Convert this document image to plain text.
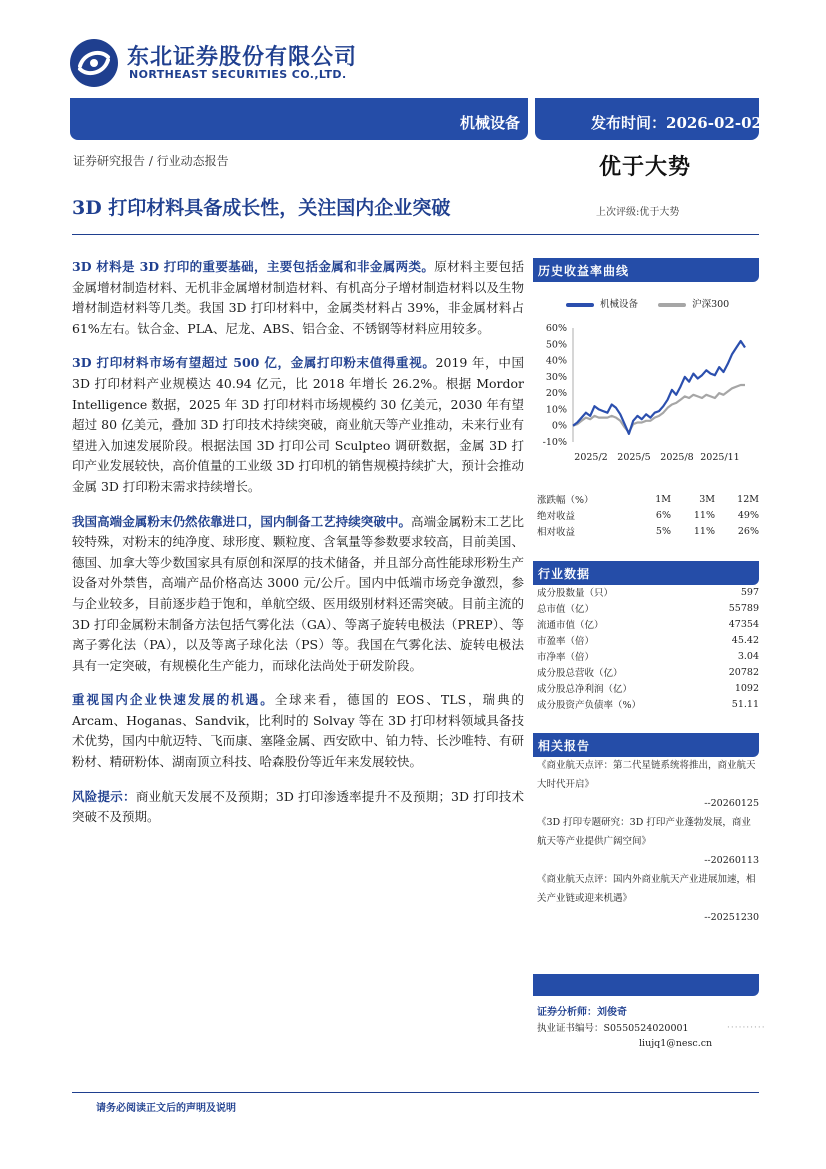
东北证券股份有限公司
NORTHEAST SECURITIES CO.,LTD.
机械设备	发布时间：2026-02-02
证券研究报告 / 行业动态报告	优于大势
3D 打印材料具备成长性，关注国内企业突破	上次评级:优于大势

3D 材料是 3D 打印的重要基础，主要包括金属和非金属两类。原材料主要包括金属增材制造材料、无机非金属增材制造材料、有机高分子增材制造材料以及生物增材制造材料等几类。我国 3D 打印材料中，金属类材料占 39%，非金属材料占 61%左右。钛合金、PLA、尼龙、ABS、铝合金、不锈钢等材料应用较多。

3D 打印材料市场有望超过 500 亿，金属打印粉末值得重视。2019 年，中国 3D 打印材料产业规模达 40.94 亿元，比 2018 年增长 26.2%。根据 Mordor Intelligence 数据，2025 年 3D 打印材料市场规模约 30 亿美元，2030 年有望超过 80 亿美元，叠加 3D 打印技术持续突破，商业航天等产业推动，未来行业有望进入加速发展阶段。根据法国 3D 打印公司 Sculpteo 调研数据，金属 3D 打印产业发展较快，高价值量的工业级 3D 打印机的销售规模持续扩大，预计会推动金属 3D 打印粉末需求持续增长。

我国高端金属粉末仍然依靠进口，国内制备工艺持续突破中。高端金属粉末工艺比较特殊，对粉末的纯净度、球形度、颗粒度、含氧量等参数要求较高，目前美国、德国、加拿大等少数国家具有原创和深厚的技术储备，并且部分高性能球形粉生产设备对外禁售，高端产品价格高达 3000 元/公斤。国内中低端市场竞争激烈，参与企业较多，目前逐步趋于饱和，单航空级、医用级别材料还需突破。目前主流的 3D 打印金属粉末制备方法包括气雾化法（GA）、等离子旋转电极法（PREP）、等离子雾化法（PA），以及等离子球化法（PS）等。我国在气雾化法、旋转电极法具有一定突破，有规模化生产能力，而球化法尚处于研发阶段。

重视国内企业快速发展的机遇。全球来看，德国的 EOS、TLS，瑞典的 Arcam、Hoganas、Sandvik，比利时的 Solvay 等在 3D 打印材料领域具备技术优势，国内中航迈特、飞而康、塞隆金属、西安欧中、铂力特、长沙唯特、有研粉材、精研粉体、湖南顶立科技、哈森股份等近年来发展较快。

风险提示：商业航天发展不及预期；3D 打印渗透率提升不及预期；3D 打印技术突破不及预期。

历史收益率曲线
机械设备	沪深300
60%
50%
40%
30%
20%
10%
0%
-10%
2025/2 2025/5 2025/8 2025/11
涨跌幅（%）	1M	3M	12M
绝对收益	6%	11%	49%
相对收益	5%	11%	26%
行业数据
成分股数量（只）	597
总市值（亿）	55789
流通市值（亿）	47354
市盈率（倍）	45.42
市净率（倍）	3.04
成分股总营收（亿）	20782
成分股总净利润（亿）	1092
成分股资产负债率（%）	51.11
相关报告
《商业航天点评：第二代星链系统将推出，商业航天大时代开启》
--20260125
《3D 打印专题研究：3D 打印产业蓬勃发展，商业航天等产业提供广阔空间》
--20260113
《商业航天点评：国内外商业航天产业进展加速，相关产业链或迎来机遇》
--20251230
证券分析师：刘俊奇
执业证书编号：S0550524020001	··········
liujq1@nesc.cn
请务必阅读正文后的声明及说明
